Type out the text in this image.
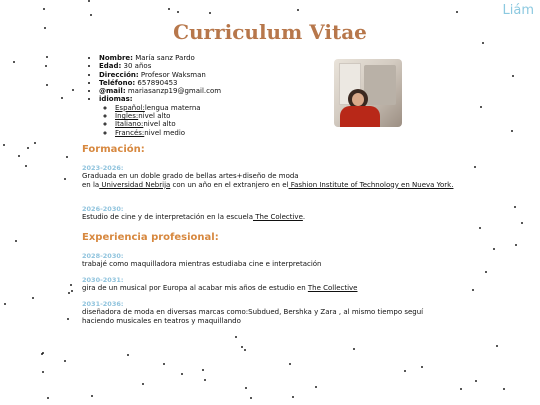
Liám
Curriculum Vitae
• Nombre: María sanz Pardo
• Edad: 30 años
• Dirección: Profesor Waksman
• Teléfono: 657890453
• @mail: mariasanzp19@gmail.com
• idiomas:
◦ Español:lengua materna
◦ Ingles:nivel alto
◦ Italiano:nivel alto
◦ Francés:nivel medio
Formación:
2023-2026:
Graduada en un doble grado de bellas artes+diseño de moda
en la Universidad Nebrija con un año en el extranjero en el Fashion Institute of Technology en Nueva York.
2026-2030:
Estudio de cine y de interpretación en la escuela The Colective.
Experiencia profesional:
2028-2030:
trabajé como maquilladora mientras estudiaba cine e interpretación
2030-2031:
gira de un musical por Europa al acabar mis años de estudio en The Collective
2031-2036:
diseñadora de moda en diversas marcas como:Subdued, Bershka y Zara , al mismo tiempo seguí haciendo musicales en teatros y maquillando
